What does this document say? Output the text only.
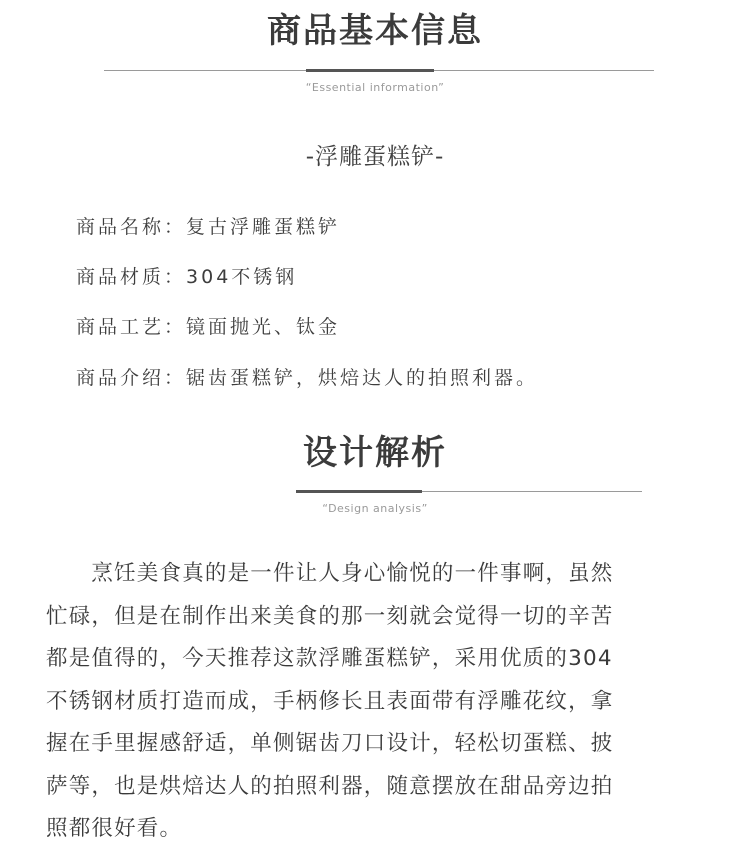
商品基本信息
“Essential information”
-浮雕蛋糕铲-
商品名称：复古浮雕蛋糕铲
商品材质：304不锈钢
商品工艺：镜面抛光、钛金
商品介绍：锯齿蛋糕铲，烘焙达人的拍照利器。
设计解析
“Design analysis”
　　烹饪美食真的是一件让人身心愉悦的一件事啊，虽然
忙碌，但是在制作出来美食的那一刻就会觉得一切的辛苦
都是值得的，今天推荐这款浮雕蛋糕铲，采用优质的304
不锈钢材质打造而成，手柄修长且表面带有浮雕花纹，拿
握在手里握感舒适，单侧锯齿刀口设计，轻松切蛋糕、披
萨等，也是烘焙达人的拍照利器，随意摆放在甜品旁边拍
照都很好看。
